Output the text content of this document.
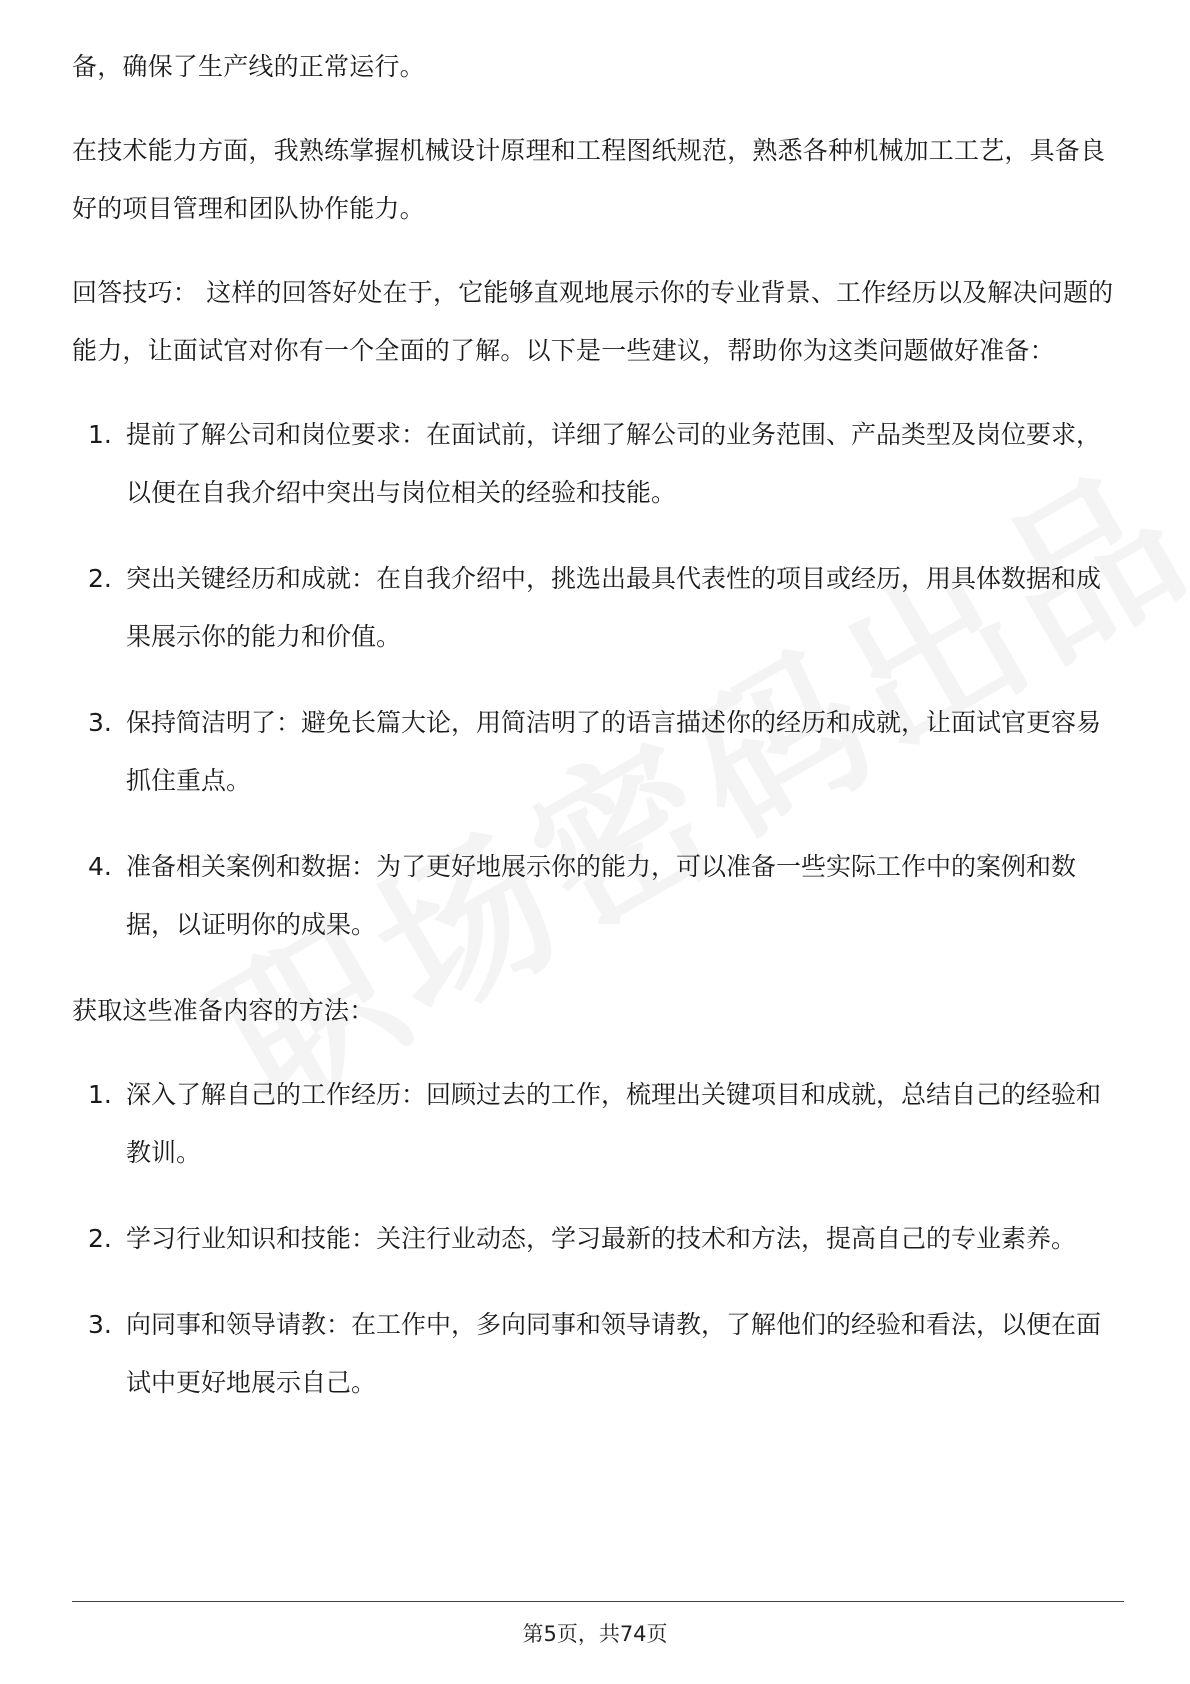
备，确保了生产线的正常运行。

在技术能力方面，我熟练掌握机械设计原理和工程图纸规范，熟悉各种机械加工工艺，具备良好的项目管理和团队协作能力。

回答技巧： 这样的回答好处在于，它能够直观地展示你的专业背景、工作经历以及解决问题的能力，让面试官对你有一个全面的了解。以下是一些建议，帮助你为这类问题做好准备：

1. 提前了解公司和岗位要求：在面试前，详细了解公司的业务范围、产品类型及岗位要求，以便在自我介绍中突出与岗位相关的经验和技能。
2. 突出关键经历和成就：在自我介绍中，挑选出最具代表性的项目或经历，用具体数据和成果展示你的能力和价值。
3. 保持简洁明了：避免长篇大论，用简洁明了的语言描述你的经历和成就，让面试官更容易抓住重点。
4. 准备相关案例和数据：为了更好地展示你的能力，可以准备一些实际工作中的案例和数据，以证明你的成果。

获取这些准备内容的方法：

1. 深入了解自己的工作经历：回顾过去的工作，梳理出关键项目和成就，总结自己的经验和教训。
2. 学习行业知识和技能：关注行业动态，学习最新的技术和方法，提高自己的专业素养。
3. 向同事和领导请教：在工作中，多向同事和领导请教，了解他们的经验和看法，以便在面试中更好地展示自己。
第5页，共74页
